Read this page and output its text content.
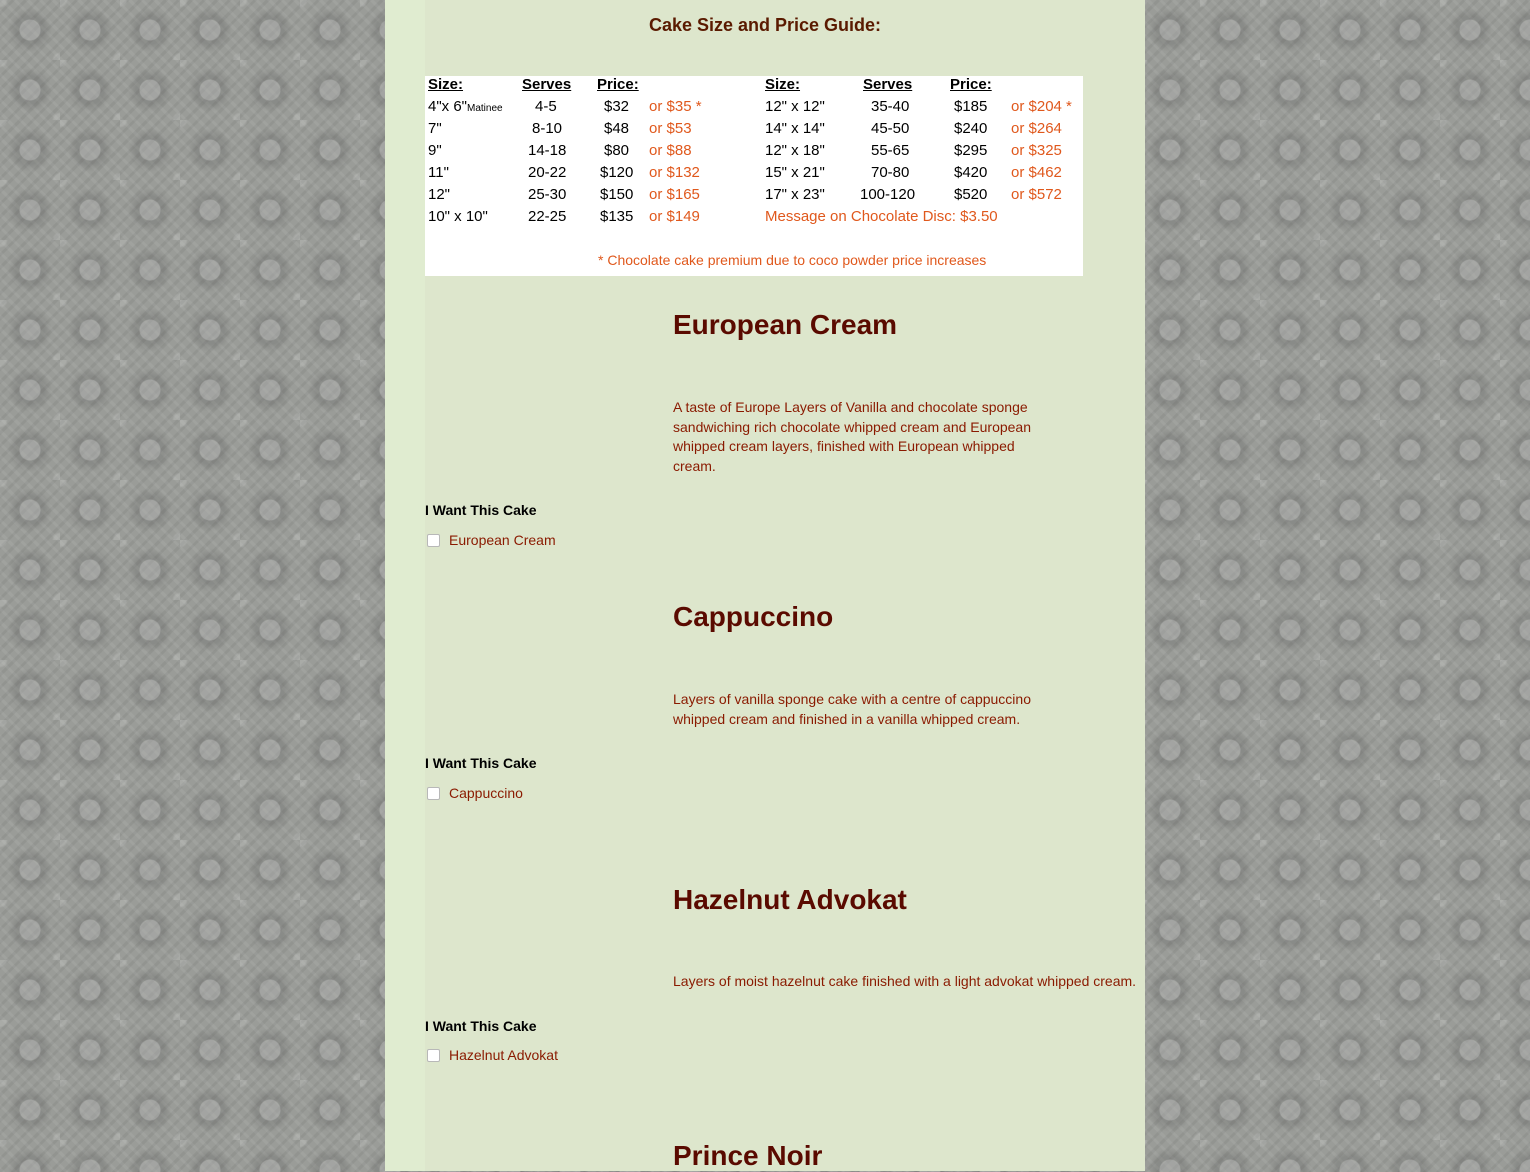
Cake Size and Price Guide:
Size:	Serves Price:	Size:	Serves	Price:
4"x 6"Matinee 4-5	$32 or $35 *
7"	8-10	$48 or $53
9"	14-18	$80 or $88
11"	20-22 $120 or $132
12"	25-30 $150 or $165
10" x 10"	22-25 $135 or $149
12" x 12"	35-40	$185 or $204 *
14" x 14"	45-50	$240 or $264
12" x 18"	55-65	$295 or $325
15" x 21"	70-80	$420 or $462
17" x 23" 100-120	$520 or $572
Message on Chocolate Disc: $3.50
* Chocolate cake premium due to coco powder price increases
European Cream
A taste of Europe Layers of Vanilla and chocolate sponge sandwiching rich chocolate whipped cream and European whipped cream layers, finished with European whipped cream.
I Want This Cake
European Cream
Cappuccino
Layers of vanilla sponge cake with a centre of cappuccino whipped cream and finished in a vanilla whipped cream.
I Want This Cake
Cappuccino
Hazelnut Advokat
Layers of moist hazelnut cake finished with a light advokat whipped cream.
I Want This Cake
Hazelnut Advokat
Prince Noir
